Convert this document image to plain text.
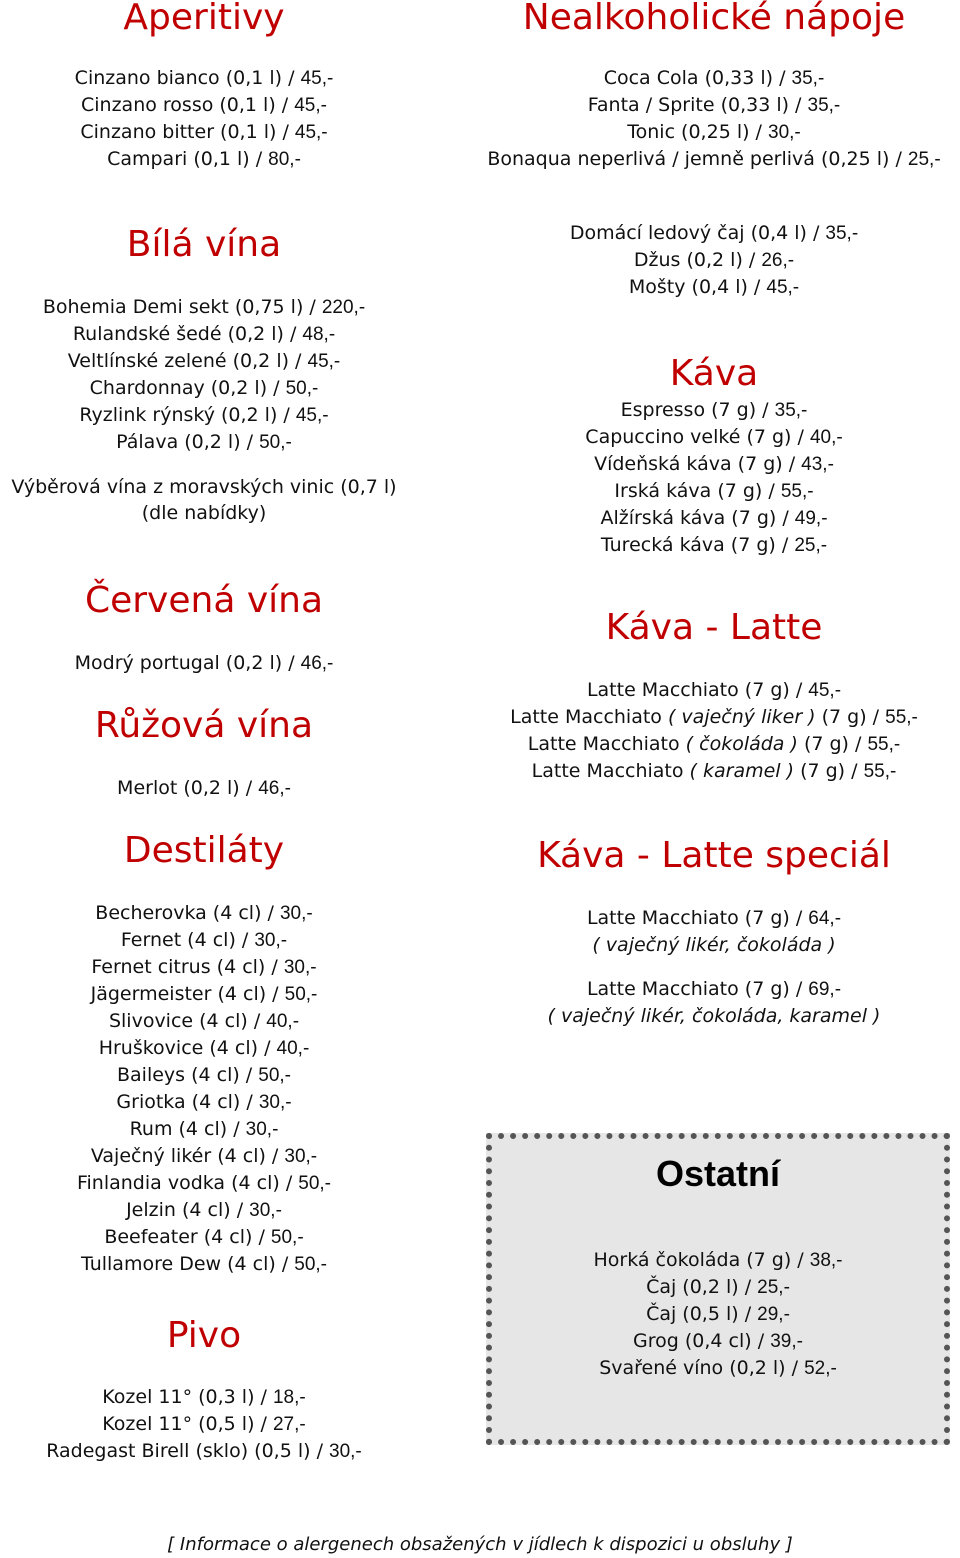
Aperitivy
Cinzano bianco (0,1 l) / 45,-
Cinzano rosso (0,1 l) / 45,-
Cinzano bitter (0,1 l) / 45,-
Campari (0,1 l) / 80,-
Bílá vína
Bohemia Demi sekt (0,75 l) / 220,-
Rulandské šedé (0,2 l) / 48,-
Veltlínské zelené (0,2 l) / 45,-
Chardonnay (0,2 l) / 50,-
Ryzlink rýnský (0,2 l) / 45,-
Pálava (0,2 l) / 50,-
Výběrová vína z moravských vinic (0,7 l)
(dle nabídky)
Červená vína
Modrý portugal (0,2 l) / 46,-
Růžová vína
Merlot (0,2 l) / 46,-
Destiláty
Becherovka (4 cl) / 30,-
Fernet (4 cl) / 30,-
Fernet citrus (4 cl) / 30,-
Jägermeister (4 cl) / 50,-
Slivovice (4 cl) / 40,-
Hruškovice (4 cl) / 40,-
Baileys (4 cl) / 50,-
Griotka (4 cl) / 30,-
Rum (4 cl) / 30,-
Vaječný likér (4 cl) / 30,-
Finlandia vodka (4 cl) / 50,-
Jelzin (4 cl) / 30,-
Beefeater (4 cl) / 50,-
Tullamore Dew (4 cl) / 50,-
Pivo
Kozel 11° (0,3 l) / 18,-
Kozel 11° (0,5 l) / 27,-
Radegast Birell (sklo) (0,5 l) / 30,-
Nealkoholické nápoje
Coca Cola (0,33 l) / 35,-
Fanta / Sprite (0,33 l) / 35,-
Tonic (0,25 l) / 30,-
Bonaqua neperlivá / jemně perlivá (0,25 l) / 25,-
Domácí ledový čaj (0,4 l) / 35,-
Džus (0,2 l) / 26,-
Mošty (0,4 l) / 45,-
Káva
Espresso (7 g) / 35,-
Capuccino velké (7 g) / 40,-
Vídeňská káva (7 g) / 43,-
Irská káva (7 g) / 55,-
Alžírská káva (7 g) / 49,-
Turecká káva (7 g) / 25,-
Káva - Latte
Latte Macchiato (7 g) / 45,-
Latte Macchiato ( vaječný liker ) (7 g) / 55,-
Latte Macchiato ( čokoláda ) (7 g) / 55,-
Latte Macchiato ( karamel ) (7 g) / 55,-
Káva - Latte speciál
Latte Macchiato (7 g) / 64,-
( vaječný likér, čokoláda )
Latte Macchiato (7 g) / 69,-
( vaječný likér, čokoláda, karamel )
Ostatní
Horká čokoláda (7 g) / 38,-
Čaj (0,2 l) / 25,-
Čaj (0,5 l) / 29,-
Grog (0,4 cl) / 39,-
Svařené víno (0,2 l) / 52,-
[ Informace o alergenech obsažených v jídlech k dispozici u obsluhy ]
